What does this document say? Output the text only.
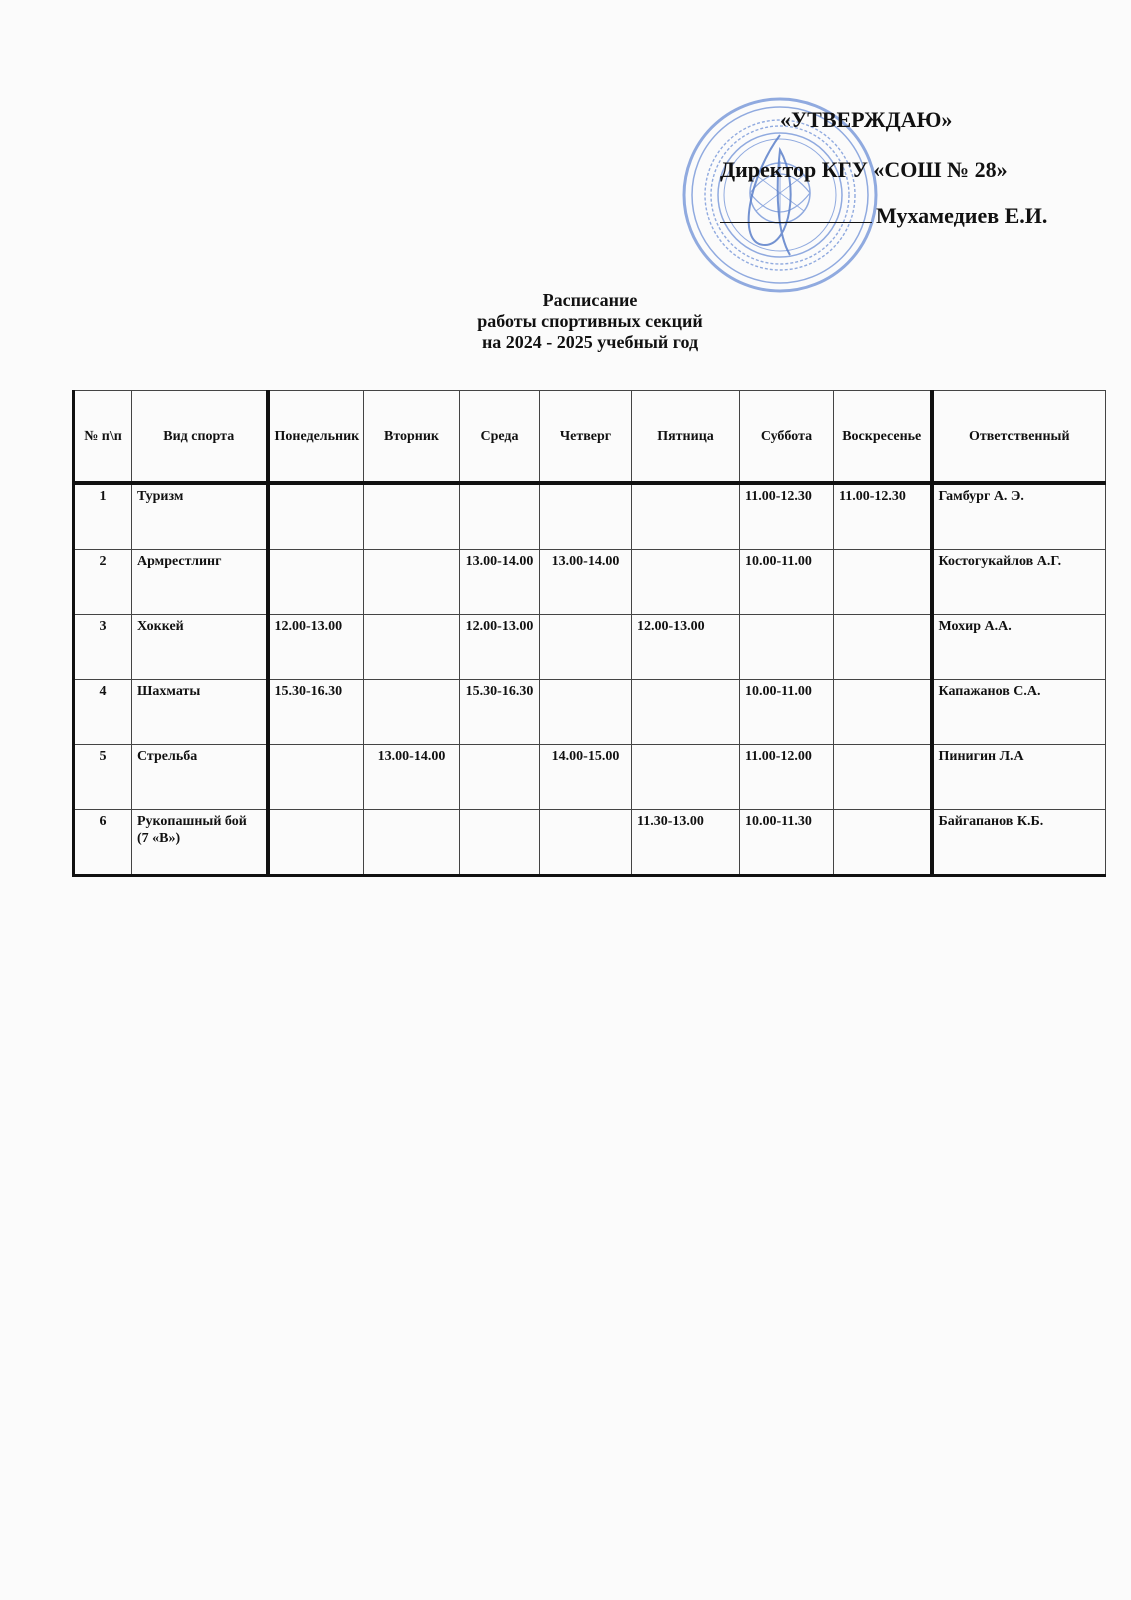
«УТВЕРЖДАЮ»
Директор КГУ «СОШ № 28»
Мухамедиев Е.И.
Расписание
работы спортивных секций
на 2024 - 2025 учебный год
№ п\п	Вид спорта	Понедельник	Вторник	Среда	Четверг	Пятница	Суббота	Воскресенье	Ответственный
1	Туризм						11.00-12.30	11.00-12.30	Гамбург А. Э.
2	Армрестлинг			13.00-14.00	13.00-14.00		10.00-11.00		Костогукайлов А.Г.
3	Хоккей	12.00-13.00		12.00-13.00		12.00-13.00			Мохир А.А.
4	Шахматы	15.30-16.30		15.30-16.30			10.00-11.00		Капажанов С.А.
5	Стрельба		13.00-14.00		14.00-15.00		11.00-12.00		Пинигин Л.А
6	Рукопашный бой (7 «В»)					11.30-13.00	10.00-11.30		Байгапанов К.Б.
